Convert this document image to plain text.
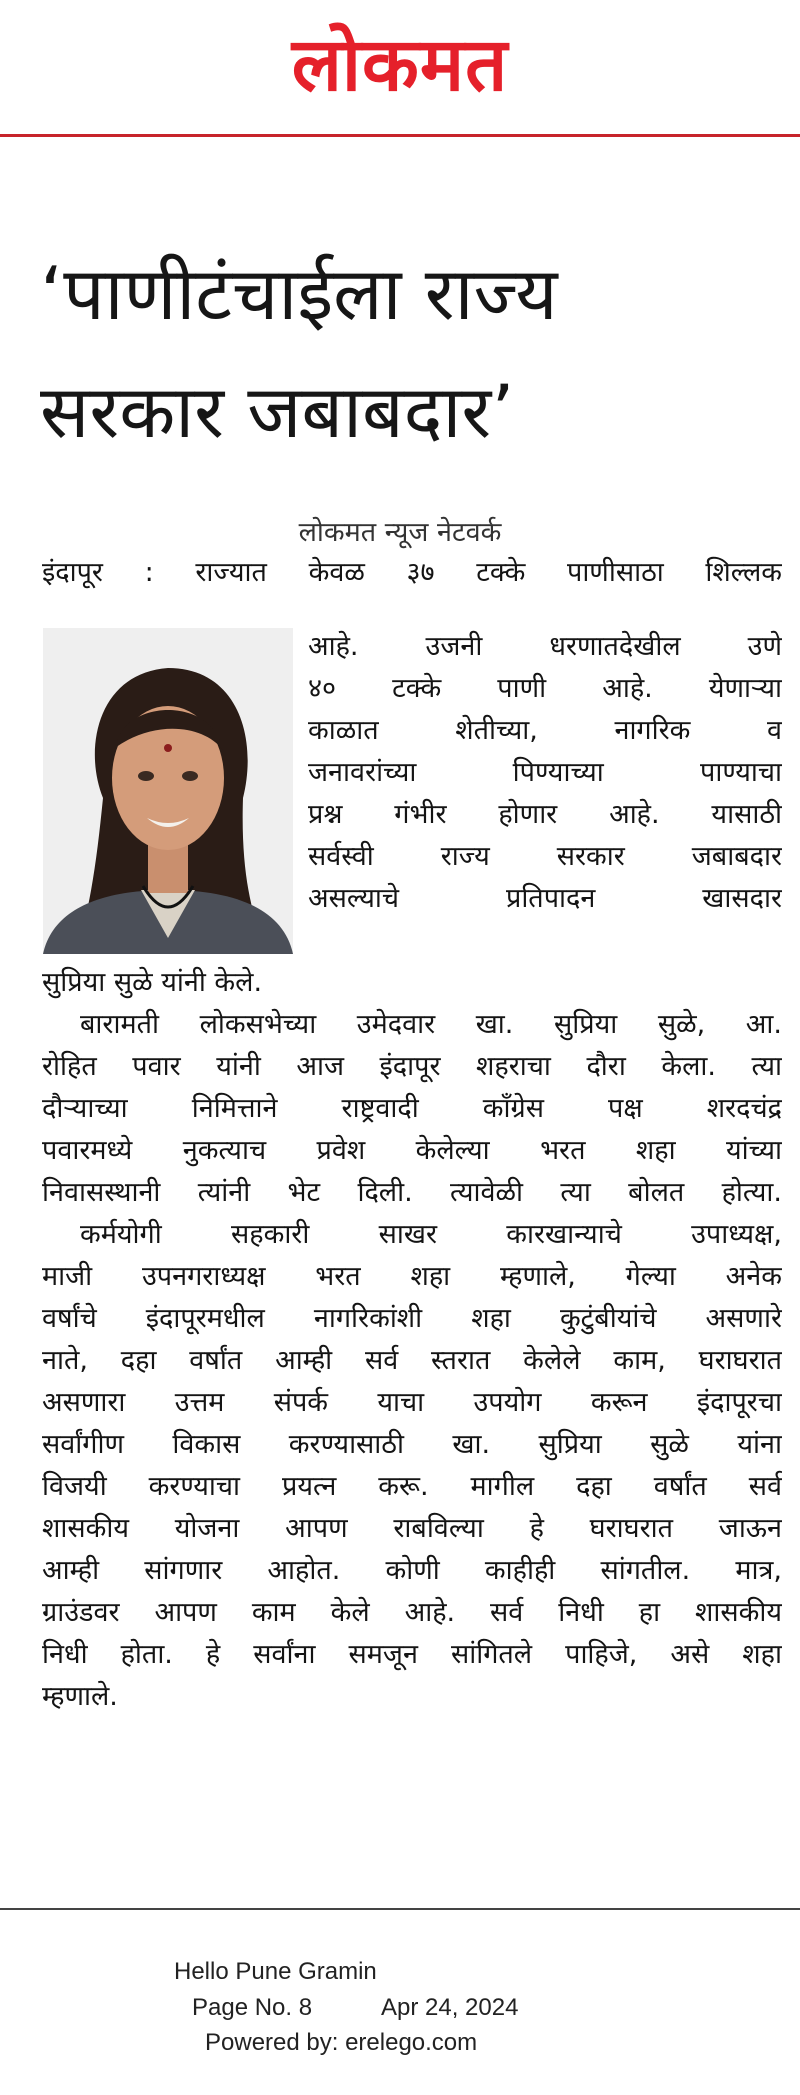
लोकमत
‘पाणीटंचाईला राज्य
सरकार जबाबदार’
लोकमत न्यूज नेटवर्क
इंदापूर : राज्यात केवळ ३७ टक्के पाणीसाठा शिल्लक
आहे. उजनी धरणातदेखील उणे
४० टक्के पाणी आहे. येणाऱ्या
काळात शेतीच्या, नागरिक व
जनावरांच्या पिण्याच्या पाण्याचा
प्रश्न गंभीर होणार आहे. यासाठी
सर्वस्वी राज्य सरकार जबाबदार
असल्याचे प्रतिपादन खासदार
सुप्रिया सुळे यांनी केले.
बारामती लोकसभेच्या उमेदवार खा. सुप्रिया सुळे, आ.
रोहित पवार यांनी आज इंदापूर शहराचा दौरा केला. त्या
दौऱ्याच्या निमित्ताने राष्ट्रवादी काँग्रेस पक्ष शरदचंद्र
पवारमध्ये नुकत्याच प्रवेश केलेल्या भरत शहा यांच्या
निवासस्थानी त्यांनी भेट दिली. त्यावेळी त्या बोलत होत्या.
कर्मयोगी सहकारी साखर कारखान्याचे उपाध्यक्ष,
माजी उपनगराध्यक्ष भरत शहा म्हणाले, गेल्या अनेक
वर्षांचे इंदापूरमधील नागरिकांशी शहा कुटुंबीयांचे असणारे
नाते, दहा वर्षांत आम्ही सर्व स्तरात केलेले काम, घराघरात
असणारा उत्तम संपर्क याचा उपयोग करून इंदापूरचा
सर्वांगीण विकास करण्यासाठी खा. सुप्रिया सुळे यांना
विजयी करण्याचा प्रयत्न करू. मागील दहा वर्षांत सर्व
शासकीय योजना आपण राबविल्या हे घराघरात जाऊन
आम्ही सांगणार आहोत. कोणी काहीही सांगतील. मात्र,
ग्राउंडवर आपण काम केले आहे. सर्व निधी हा शासकीय
निधी होता. हे सर्वांना समजून सांगितले पाहिजे, असे शहा
म्हणाले.
Hello Pune Gramin
Page No. 8	Apr 24, 2024
Powered by: erelego.com
